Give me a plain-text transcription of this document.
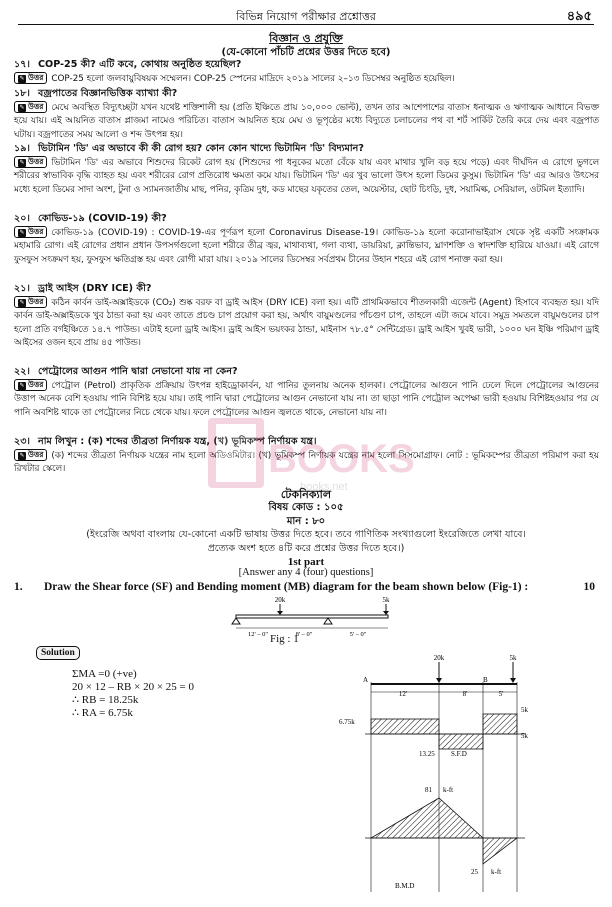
বিভিন্ন নিয়োগ পরীক্ষার প্রশ্নোত্তর	৪৯৫
বিজ্ঞান ও প্রযুক্তি
(যে-কোনো পাঁচটি প্রশ্নের উত্তর দিতে হবে)
১৭। COP-25 কী? এটি কবে, কোথায় অনুষ্ঠিত হয়েছিল?
✎ উত্তর COP-25 হলো জলবায়ুবিষয়ক সম্মেলন। COP-25 স্পেনের মাদ্রিদে ২০১৯ সালের ২–১৩ ডিসেম্বর অনুষ্ঠিত হয়েছিল।
১৮। বজ্রপাতের বিজ্ঞানভিত্তিক ব্যাখ্যা কী?
✎ উত্তর মেঘে অবস্থিত বিদ্যুৎচ্ছটা যখন যথেষ্ট শক্তিশালী হয় (প্রতি ইঞ্চিতে প্রায় ১০,০০০ ভোল্ট), তখন তার আশেপাশের বাতাস ধনাত্মক ও ঋণাত্মক আধানে বিভক্ত হয়ে যায়। এই আয়নিত বাতাস প্লাজমা নামেও পরিচিত। বাতাস আয়নিত হয়ে মেঘ ও ভূপৃষ্ঠের মধ্যে বিদ্যুতে চলাচলের পথ বা শর্ট সার্কিট তৈরি করে দেয় এবং বজ্রপাত ঘটায়। বজ্রপাতের সময় আলো ও শব্দ উৎপন্ন হয়।
১৯। ভিটামিন 'ডি' এর অভাবে কী কী রোগ হয়? কোন কোন খাদ্যে ভিটামিন 'ডি' বিদ্যমান?
✎ উত্তর ভিটামিন 'ডি' এর অভাবে শিশুদের রিকেট রোগ হয় (শিশুদের পা ধনুকের মতো বেঁকে যায় এবং মাথার খুলি বড় হয়ে পড়ে) এবং দীর্ঘদিন এ রোগে ভুগলে শরীরের স্বাভাবিক বৃদ্ধি ব্যাহত হয় এবং শরীরের রোগ প্রতিরোধ ক্ষমতা কমে যায়। ভিটামিন 'ডি' এর খুব ভালো উৎস হলো ডিমের কুসুম। ভিটামিন 'ডি' এর আরও উৎসের মধ্যে হলো ডিমের সাদা অংশ, টুনা ও স্যামনজাতীয় মাছ, পনির, কৃত্রিম দুধ, কড মাছের যকৃতের তেল, অয়েস্টার, ছোট চিংড়ি, দুধ, সয়ামিল্ক, সেরিয়াল, ওটমিল ইত্যাদি।
২০। কোভিড-১৯ (COVID-19) কী?
✎ উত্তর কোভিড-১৯ (COVID-19) : COVID-19-এর পূর্ণরূপ হলো Coronavirus Disease-19। কোভিড-১৯ হলো করোনাভাইরাস থেকে সৃষ্ট একটি সংক্রামক মহামারি রোগ। এই রোগের প্রধান প্রধান উপসর্গগুলো হলো শরীরে তীব্র জ্বর, মাথাব্যথা, গলা ব্যথা, ডায়রিয়া, ক্লান্তিভাব, ঘ্রাণশক্তি ও স্বাদশক্তি হারিয়ে যাওয়া। এই রোগে ফুসফুস সংক্রমণ হয়, ফুসফুস ক্ষতিগ্রস্ত হয় এবং রোগী মারা যায়। ২০১৯ সালের ডিসেম্বর সর্বপ্রথম চীনের উহান শহরে এই রোগ শনাক্ত করা হয়।
২১। ড্রাই আইস (DRY ICE) কী?
✎ উত্তর কঠিন কার্বন ডাই-অক্সাইডকে (CO₂) শুষ্ক বরফ বা ড্রাই আইস (DRY ICE) বলা হয়। এটি প্রাথমিকভাবে শীতলকারী এজেন্ট (Agent) হিসাবে ব্যবহৃত হয়। যদি কার্বন ডাই-অক্সাইডকে খুব ঠান্ডা করা হয় এবং তাতে প্রচণ্ড চাপ প্রয়োগ করা হয়, অর্থাৎ বায়ুমণ্ডলের পাঁচগুণ চাপ, তাহলে এটা জমে যাবে। সমুদ্র সমতলে বায়ুমণ্ডলের চাপ হলো প্রতি বর্গইঞ্চিতে ১৪.৭ পাউন্ড। এটাই হলো ড্রাই আইস। ড্রাই আইস ভয়ংকর ঠান্ডা, মাইনাস ৭৮.৫° সেন্টিগ্রেড। ড্রাই আইস খুবই ভারী, ১০০০ ঘন ইঞ্চি পরিমাণ ড্রাই আইসের ওজন হবে প্রায় ৪৫ পাউন্ড।
২২। পেট্রোলের আগুন পানি দ্বারা নেভানো যায় না কেন?
✎ উত্তর পেট্রোল (Petrol) প্রাকৃতিক প্রক্রিয়ায় উৎপন্ন হাইড্রোকার্বন, যা পানির তুলনায় অনেক হালকা। পেট্রোলের আগুনে পানি ঢেলে দিলে পেট্রোলের আগুনের উত্তাপ অনেক বেশি হওয়ায় পানি বিশিষ্ট হয়ে যায়। তাই পানি দ্বারা পেট্রোলের আগুন নেভানো যায় না। তা ছাড়া পানি পেট্রোল অপেক্ষা ভারী হওয়ায় বিশিষ্টহওয়ার পর যে পানি অবশিষ্ট থাকে তা পেট্রোলের নিচে থেকে যায়। ফলে পেট্রোলের আগুন জ্বলতে থাকে, নেভানো যায় না।
২৩। নাম লিখুন : (ক) শব্দের তীব্রতা নির্ণায়ক যন্ত্র, (খ) ভূমিকম্প নির্ণায়ক যন্ত্র।
✎ উত্তর (ক) শব্দের তীব্রতা নির্ণায়ক যন্ত্রের নাম হলো অডিওমিটার। (খ) ভূমিকম্প নির্ণায়ক যন্ত্রের নাম হলো সিসমোগ্রাফ। নোট : ভূমিকম্পের তীব্রতা পরিমাপ করা হয় রিখটার স্কেলে।	BOOKS
books.net
টেকনিক্যাল
বিষয় কোড : ১০৫
মান : ৮০
(ইংরেজি অথবা বাংলায় যে-কোনো একটি ভাষায় উত্তর দিতে হবে। তবে গাণিতিক সংখ্যাগুলো ইংরেজিতে লেখা যাবে।
প্রত্যেক অংশ হতে ৪টি করে প্রশ্নের উত্তর দিতে হবে।)
1st part
[Answer any 4 (four) questions]
1. Draw the Shear force (SF) and Bending moment (MB) diagram for the beam shown below (Fig-1) :	10
20k	5k
12' – 0"	8' – 0"	5' – 0"
Fig : 1
Solution
ΣMA =0 (+ve)
20 × 12 – RB × 20 × 25 = 0
∴ RB = 18.25k
∴ RA = 6.75k
20k	5k
A	B
12'	8'	5'
6.75k
13.25
5k
5k
S.F.D
81 k-ft
25 k-ft
B.M.D
